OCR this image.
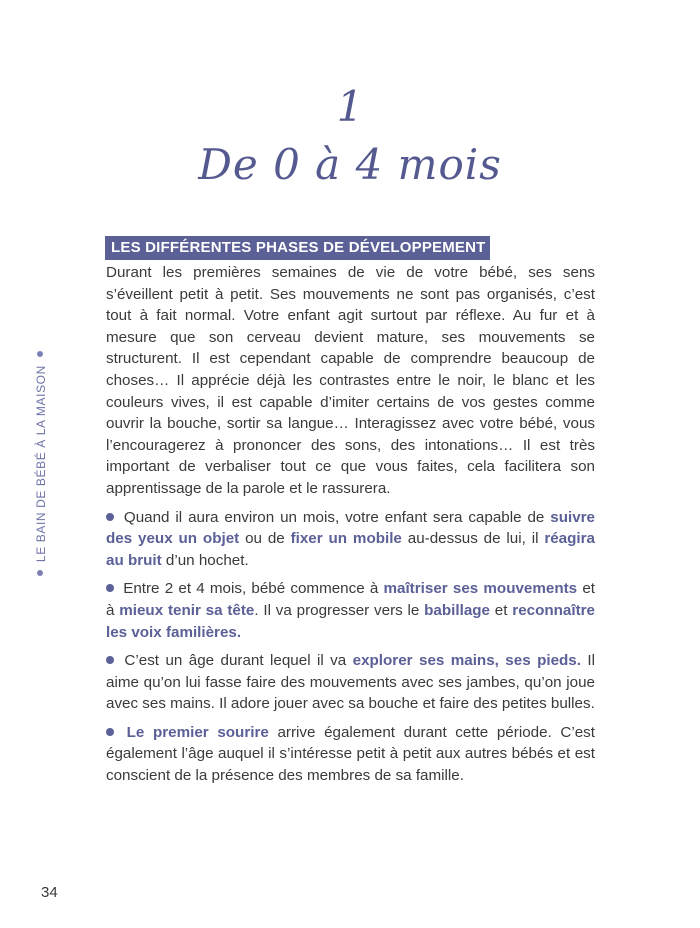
1
De 0 à 4 mois
LE BAIN DE BÉBÉ À LA MAISON
LES DIFFÉRENTES PHASES DE DÉVELOPPEMENT

Durant les premières semaines de vie de votre bébé, ses sens s’éveillent petit à petit. Ses mouvements ne sont pas organisés, c’est tout à fait normal. Votre enfant agit surtout par réflexe. Au fur et à mesure que son cerveau devient mature, ses mouvements se structurent. Il est cependant capable de comprendre beaucoup de choses… Il apprécie déjà les contrastes entre le noir, le blanc et les couleurs vives, il est capable d’imiter certains de vos gestes comme ouvrir la bouche, sortir sa langue… Interagissez avec votre bébé, vous l’encouragerez à prononcer des sons, des intonations… Il est très important de verbaliser tout ce que vous faites, cela facilitera son apprentissage de la parole et le rassurera.

Quand il aura environ un mois, votre enfant sera capable de suivre des yeux un objet ou de fixer un mobile au-dessus de lui, il réagira au bruit d’un hochet.

Entre 2 et 4 mois, bébé commence à maîtriser ses mouvements et à mieux tenir sa tête. Il va progresser vers le babillage et reconnaître les voix familières.

C’est un âge durant lequel il va explorer ses mains, ses pieds. Il aime qu’on lui fasse faire des mouvements avec ses jambes, qu’on joue avec ses mains. Il adore jouer avec sa bouche et faire des petites bulles.

Le premier sourire arrive également durant cette période. C’est également l’âge auquel il s’intéresse petit à petit aux autres bébés et est conscient de la présence des membres de sa famille.

34
